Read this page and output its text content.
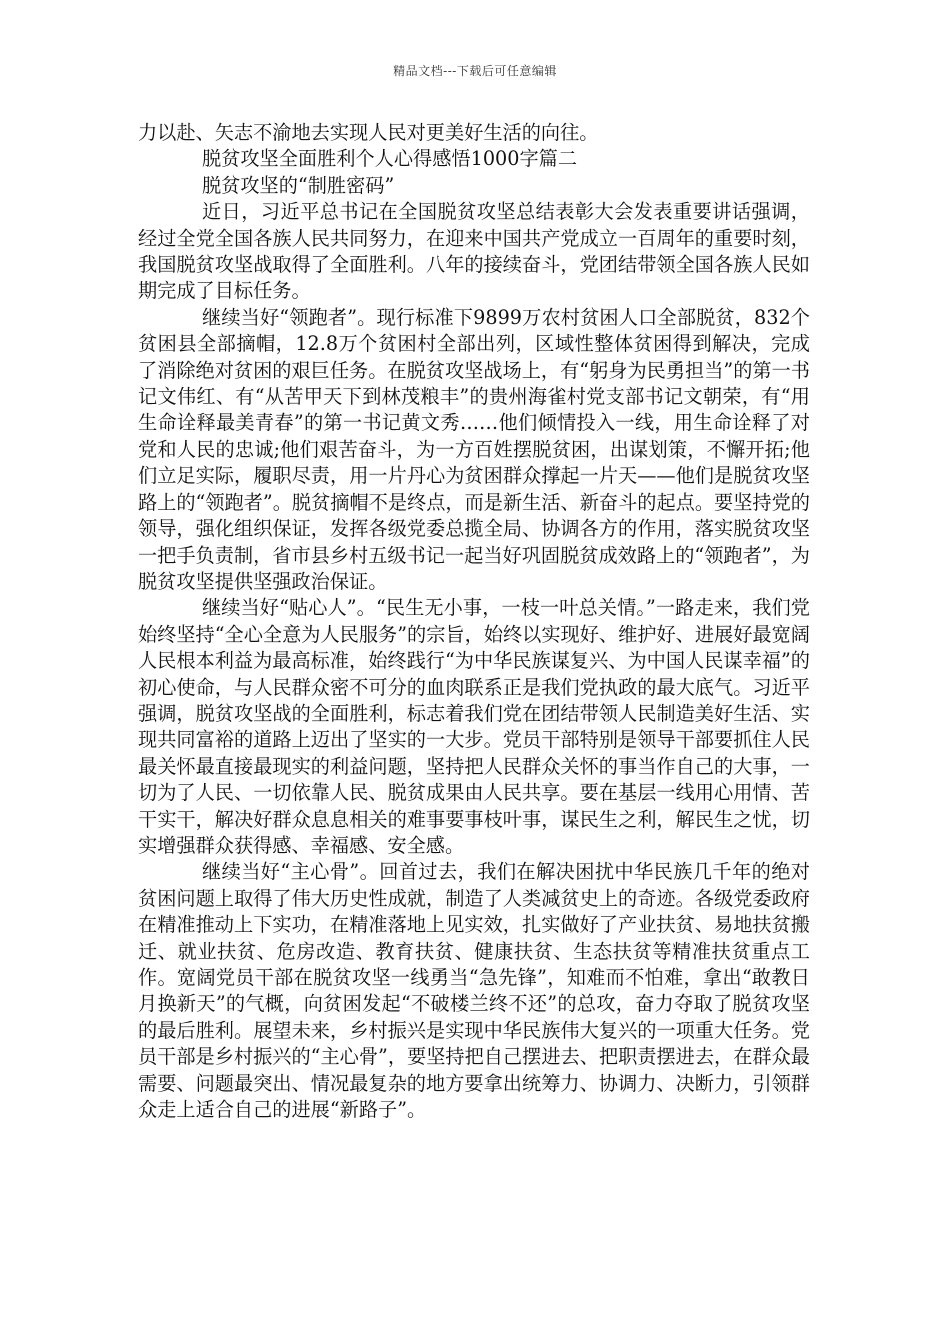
精品文档---下载后可任意编辑

力以赴、矢志不渝地去实现人民对更美好生活的向往。

脱贫攻坚全面胜利个人心得感悟1000字篇二

脱贫攻坚的“制胜密码”

近日，习近平总书记在全国脱贫攻坚总结表彰大会发表重要讲话强调，经过全党全国各族人民共同努力，在迎来中国共产党成立一百周年的重要时刻，我国脱贫攻坚战取得了全面胜利。八年的接续奋斗，党团结带领全国各族人民如期完成了目标任务。

继续当好“领跑者”。现行标准下9899万农村贫困人口全部脱贫，832个贫困县全部摘帽，12.8万个贫困村全部出列，区域性整体贫困得到解决，完成了消除绝对贫困的艰巨任务。在脱贫攻坚战场上，有“躬身为民勇担当”的第一书记文伟红、有“从苦甲天下到林茂粮丰”的贵州海雀村党支部书记文朝荣，有“用生命诠释最美青春”的第一书记黄文秀……他们倾情投入一线，用生命诠释了对党和人民的忠诚;他们艰苦奋斗，为一方百姓摆脱贫困，出谋划策，不懈开拓;他们立足实际，履职尽责，用一片丹心为贫困群众撑起一片天——他们是脱贫攻坚路上的“领跑者”。脱贫摘帽不是终点，而是新生活、新奋斗的起点。要坚持党的领导，强化组织保证，发挥各级党委总揽全局、协调各方的作用，落实脱贫攻坚一把手负责制，省市县乡村五级书记一起当好巩固脱贫成效路上的“领跑者”，为脱贫攻坚提供坚强政治保证。

继续当好“贴心人”。“民生无小事，一枝一叶总关情。”一路走来，我们党始终坚持“全心全意为人民服务”的宗旨，始终以实现好、维护好、进展好最宽阔人民根本利益为最高标准，始终践行“为中华民族谋复兴、为中国人民谋幸福”的初心使命，与人民群众密不可分的血肉联系正是我们党执政的最大底气。习近平强调，脱贫攻坚战的全面胜利，标志着我们党在团结带领人民制造美好生活、实现共同富裕的道路上迈出了坚实的一大步。党员干部特别是领导干部要抓住人民最关怀最直接最现实的利益问题，坚持把人民群众关怀的事当作自己的大事，一切为了人民、一切依靠人民、脱贫成果由人民共享。要在基层一线用心用情、苦干实干，解决好群众息息相关的难事要事枝叶事，谋民生之利，解民生之忧，切实增强群众获得感、幸福感、安全感。

继续当好“主心骨”。回首过去，我们在解决困扰中华民族几千年的绝对贫困问题上取得了伟大历史性成就，制造了人类减贫史上的奇迹。各级党委政府在精准推动上下实功，在精准落地上见实效，扎实做好了产业扶贫、易地扶贫搬迁、就业扶贫、危房改造、教育扶贫、健康扶贫、生态扶贫等精准扶贫重点工作。宽阔党员干部在脱贫攻坚一线勇当“急先锋”，知难而不怕难，拿出“敢教日月换新天”的气概，向贫困发起“不破楼兰终不还”的总攻，奋力夺取了脱贫攻坚的最后胜利。展望未来，乡村振兴是实现中华民族伟大复兴的一项重大任务。党员干部是乡村振兴的“主心骨”，要坚持把自己摆进去、把职责摆进去，在群众最需要、问题最突出、情况最复杂的地方要拿出统筹力、协调力、决断力，引领群众走上适合自己的进展“新路子”。
